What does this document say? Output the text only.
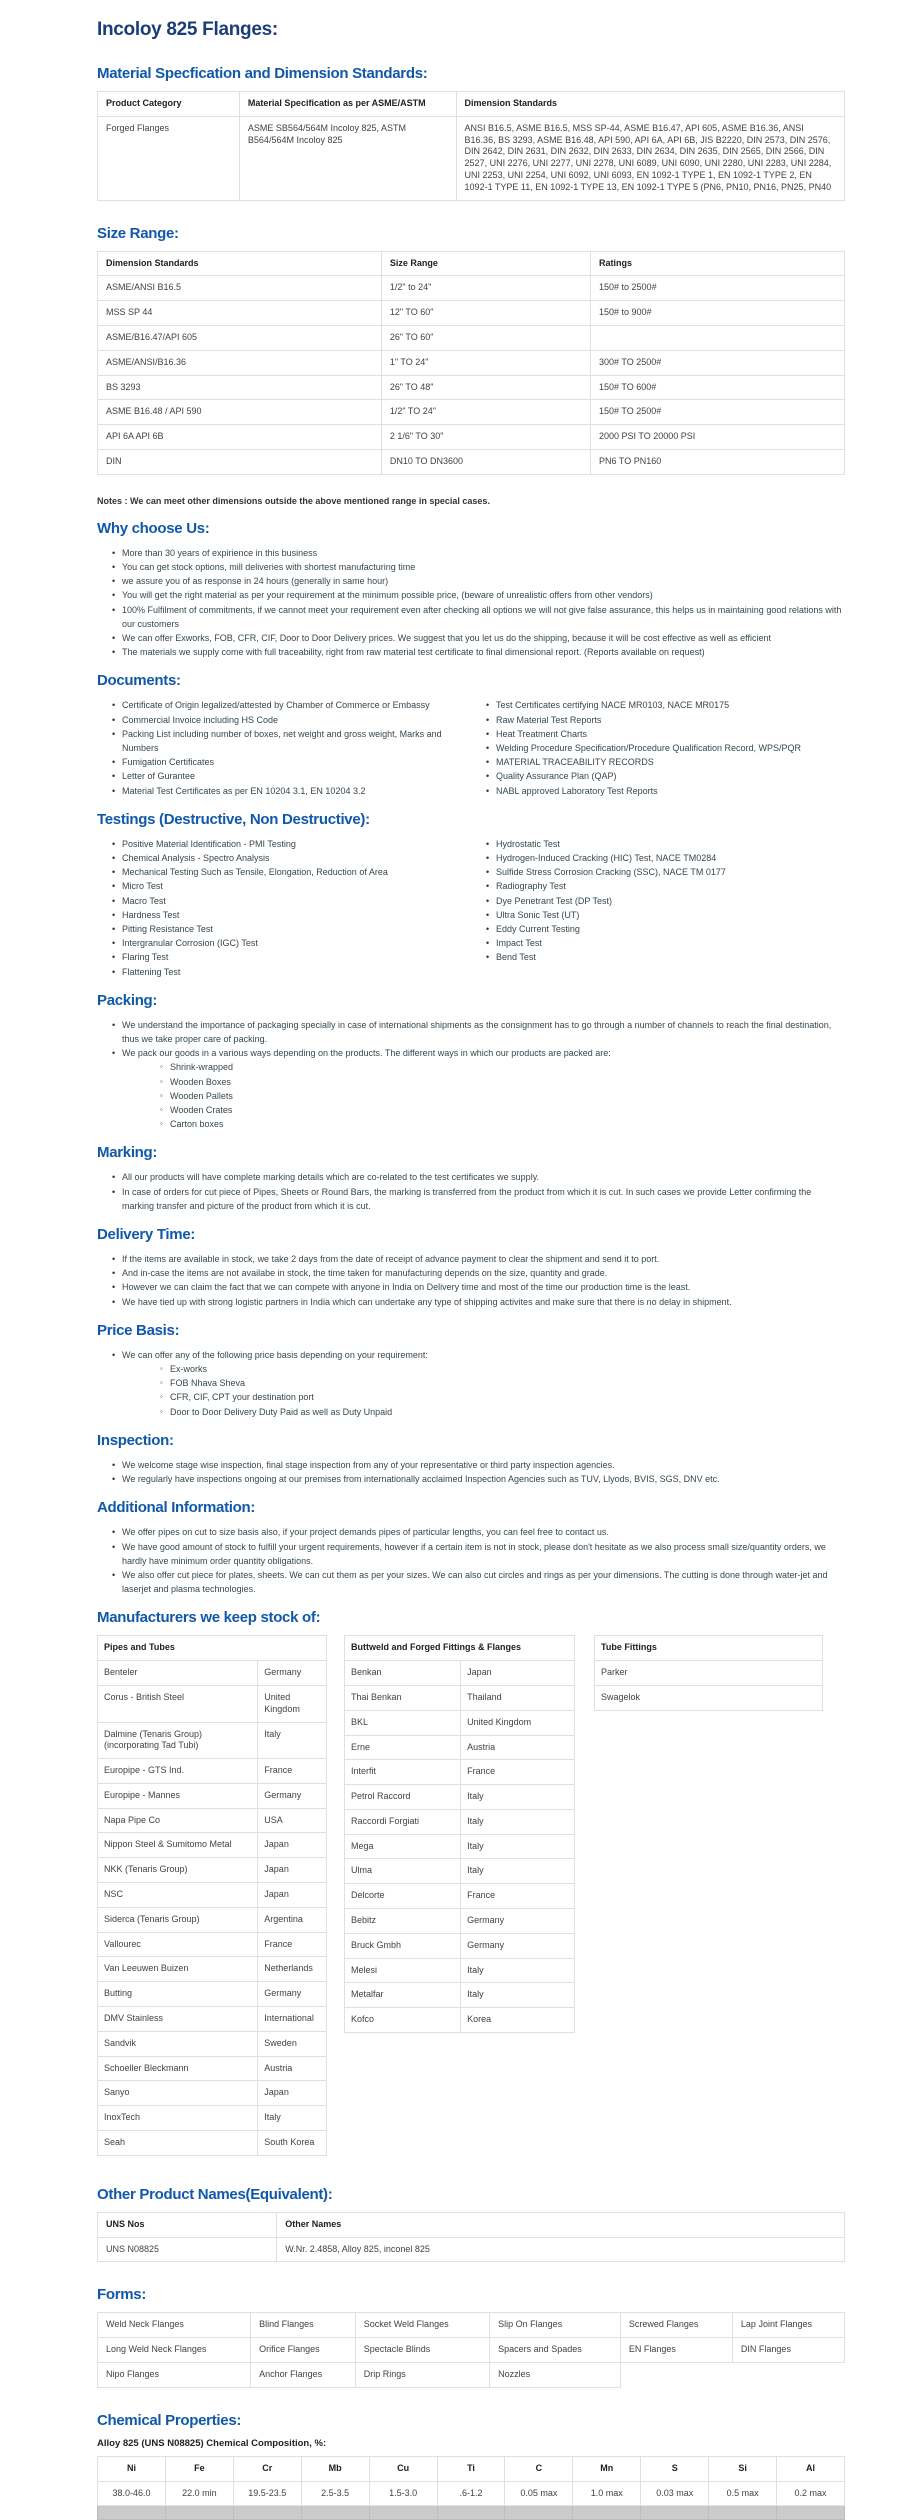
Incoloy 825 Flanges:
Material Specfication and Dimension Standards:
Product Category	Material Specification as per ASME/ASTM	Dimension Standards
Forged Flanges	ASME SB564/564M Incoloy 825, ASTM B564/564M Incoloy 825	ANSI B16.5, ASME B16.5, MSS SP-44, ASME B16.47, API 605, ASME B16.36, ANSI B16.36, BS 3293, ASME B16.48, API 590, API 6A, API 6B, JIS B2220, DIN 2573, DIN 2576, DIN 2642, DIN 2631, DIN 2632, DIN 2633, DIN 2634, DIN 2635, DIN 2565, DIN 2566, DIN 2527, UNI 2276, UNI 2277, UNI 2278, UNI 6089, UNI 6090, UNI 2280, UNI 2283, UNI 2284, UNI 2253, UNI 2254, UNI 6092, UNI 6093, EN 1092-1 TYPE 1, EN 1092-1 TYPE 2, EN 1092-1 TYPE 11, EN 1092-1 TYPE 13, EN 1092-1 TYPE 5 (PN6, PN10, PN16, PN25, PN40
Size Range:
Dimension Standards	Size Range	Ratings
ASME/ANSI B16.5	1/2" to 24"	150# to 2500#
MSS SP 44	12" TO 60"	150# to 900#
ASME/B16.47/API 605	26" TO 60"	
ASME/ANSI/B16.36	1" TO 24"	300# TO 2500#
BS 3293	26" TO 48"	150# TO 600#
ASME B16.48 / API 590	1/2" TO 24"	150# TO 2500#
API 6A API 6B	2 1/6" TO 30"	2000 PSI TO 20000 PSI
DIN	DN10 TO DN3600	PN6 TO PN160

Notes : We can meet other dimensions outside the above mentioned range in special cases.

Why choose Us:
• More than 30 years of expirience in this business
• You can get stock options, mill deliveries with shortest manufacturing time
• we assure you of as response in 24 hours (generally in same hour)
• You will get the right material as per your requirement at the minimum possible price, (beware of unrealistic offers from other vendors)
• 100% Fulfilment of commitments, if we cannot meet your requirement even after checking all options we will not give false assurance, this helps us in maintaining good relations with our customers
• We can offer Exworks, FOB, CFR, CIF, Door to Door Delivery prices. We suggest that you let us do the shipping, because it will be cost effective as well as efficient
• The materials we supply come with full traceability, right from raw material test certificate to final dimensional report. (Reports available on request)
Documents:
• Certificate of Origin legalized/attested by Chamber of Commerce or Embassy
• Commercial Invoice including HS Code
• Packing List including number of boxes, net weight and gross weight, Marks and Numbers
• Fumigation Certificates
• Letter of Gurantee
• Material Test Certificates as per EN 10204 3.1, EN 10204 3.2
• Test Certificates certifying NACE MR0103, NACE MR0175
• Raw Material Test Reports
• Heat Treatment Charts
• Welding Procedure Specification/Procedure Qualification Record, WPS/PQR
• MATERIAL TRACEABILITY RECORDS
• Quality Assurance Plan (QAP)
• NABL approved Laboratory Test Reports
Testings (Destructive, Non Destructive):
• Positive Material Identification - PMI Testing
• Chemical Analysis - Spectro Analysis
• Mechanical Testing Such as Tensile, Elongation, Reduction of Area
• Micro Test
• Macro Test
• Hardness Test
• Pitting Resistance Test
• Intergranular Corrosion (IGC) Test
• Flaring Test
• Flattening Test
• Hydrostatic Test
• Hydrogen-Induced Cracking (HIC) Test, NACE TM0284
• Sulfide Stress Corrosion Cracking (SSC), NACE TM 0177
• Radiography Test
• Dye Penetrant Test (DP Test)
• Ultra Sonic Test (UT)
• Eddy Current Testing
• Impact Test
• Bend Test
Packing:
• We understand the importance of packaging specially in case of international shipments as the consignment has to go through a number of channels to reach the final destination, thus we take proper care of packing.
• We pack our goods in a various ways depending on the products. The different ways in which our products are packed are:
◦ Shrink-wrapped
◦ Wooden Boxes
◦ Wooden Pallets
◦ Wooden Crates
◦ Carton boxes
Marking:
• All our products will have complete marking details which are co-related to the test certificates we supply.
• In case of orders for cut piece of Pipes, Sheets or Round Bars, the marking is transferred from the product from which it is cut. In such cases we provide Letter confirming the marking transfer and picture of the product from which it is cut.
Delivery Time:
• If the items are available in stock, we take 2 days from the date of receipt of advance payment to clear the shipment and send it to port.
• And in-case the items are not availabe in stock, the time taken for manufacturing depends on the size, quantity and grade.
• However we can claim the fact that we can compete with anyone in India on Delivery time and most of the time our production time is the least.
• We have tied up with strong logistic partners in India which can undertake any type of shipping activites and make sure that there is no delay in shipment.
Price Basis:
• We can offer any of the following price basis depending on your requirement:
◦ Ex-works
◦ FOB Nhava Sheva
◦ CFR, CIF, CPT your destination port
◦ Door to Door Delivery Duty Paid as well as Duty Unpaid
Inspection:
• We welcome stage wise inspection, final stage inspection from any of your representative or third party inspection agencies.
• We regularly have inspections ongoing at our premises from internationally acclaimed Inspection Agencies such as TUV, Llyods, BVIS, SGS, DNV etc.
Additional Information:
• We offer pipes on cut to size basis also, if your project demands pipes of particular lengths, you can feel free to contact us.
• We have good amount of stock to fulfill your urgent requirements, however if a certain item is not in stock, please don't hesitate as we also process small size/quantity orders, we hardly have minimum order quantity obligations.
• We also offer cut piece for plates, sheets. We can cut them as per your sizes. We can also cut circles and rings as per your dimensions. The cutting is done through water-jet and laserjet and plasma technologies.
Manufacturers we keep stock of:
Pipes and Tubes	
Benteler	Germany
Corus - British Steel	United Kingdom
Dalmine (Tenaris Group) (incorporating Tad Tubi)	Italy
Europipe - GTS Ind.	France
Europipe - Mannes	Germany
Napa Pipe Co	USA
Nippon Steel & Sumitomo Metal	Japan
NKK (Tenaris Group)	Japan
NSC	Japan
Siderca (Tenaris Group)	Argentina
Vallourec	France
Van Leeuwen Buizen	Netherlands
Butting	Germany
DMV Stainless	International
Sandvik	Sweden
Schoeller Bleckmann	Austria
Sanyo	Japan
InoxTech	Italy
Seah	South Korea
Buttweld and Forged Fittings & Flanges	
Benkan	Japan
Thai Benkan	Thailand
BKL	United Kingdom
Erne	Austria
Interfit	France
Petrol Raccord	Italy
Raccordi Forgiati	Italy
Mega	Italy
Ulma	Italy
Delcorte	France
Bebitz	Germany
Bruck Gmbh	Germany
Melesi	Italy
Metalfar	Italy
Kofco	Korea
Tube Fittings
Parker
Swagelok
Other Product Names(Equivalent):
UNS Nos	Other Names
UNS N08825	W.Nr. 2.4858, Alloy 825, inconel 825
Forms:
Weld Neck Flanges	Blind Flanges	Socket Weld Flanges	Slip On Flanges	Screwed Flanges	Lap Joint Flanges
Long Weld Neck Flanges	Orifice Flanges	Spectacle Blinds	Spacers and Spades	EN Flanges	DIN Flanges
Nipo Flanges	Anchor Flanges	Drip Rings	Nozzles		
Chemical Properties:

Alloy 825 (UNS N08825) Chemical Composition, %:

Ni	Fe	Cr	Mb	Cu	Ti	C	Mn	S	Si	Al
38.0-46.0	22.0 min	19.5-23.5	2.5-3.5	1.5-3.0	.6-1.2	0.05 max	1.0 max	0.03 max	0.5 max	0.2 max
